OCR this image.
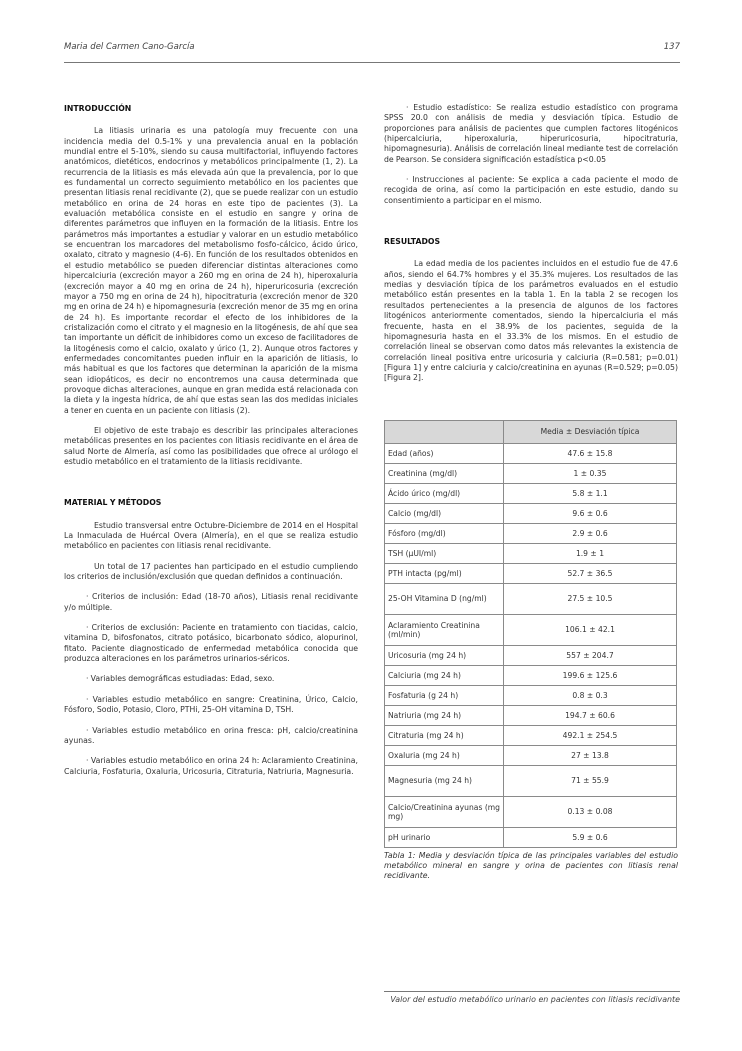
Maria del Carmen Cano-García	137
INTRODUCCIÓN

La litiasis urinaria es una patología muy frecuente con una incidencia media del 0.5-1% y una prevalencia anual en la población mundial entre el 5-10%, siendo su causa multifactorial, influyendo factores anatómicos, dietéticos, endocrinos y metabólicos principalmente (1, 2). La recurrencia de la litiasis es más elevada aún que la prevalencia, por lo que es fundamental un correcto seguimiento metabólico en los pacientes que presentan litiasis renal recidivante (2), que se puede realizar con un estudio metabólico en orina de 24 horas en este tipo de pacientes (3). La evaluación metabólica consiste en el estudio en sangre y orina de diferentes parámetros que influyen en la formación de la litiasis. Entre los parámetros más importantes a estudiar y valorar en un estudio metabólico se encuentran los marcadores del metabolismo fosfo-cálcico, ácido úrico, oxalato, citrato y magnesio (4-6). En función de los resultados obtenidos en el estudio metabólico se pueden diferenciar distintas alteraciones como hipercalciuria (excreción mayor a 260 mg en orina de 24 h), hiperoxaluria (excreción mayor a 40 mg en orina de 24 h), hiperuricosuria (excreción mayor a 750 mg en orina de 24 h), hipocitraturia (excreción menor de 320 mg en orina de 24 h) e hipomagnesuria (excreción menor de 35 mg en orina de 24 h). Es importante recordar el efecto de los inhibidores de la cristalización como el citrato y el magnesio en la litogénesis, de ahí que sea tan importante un déficit de inhibidores como un exceso de facilitadores de la litogénesis como el calcio, oxalato y úrico (1, 2). Aunque otros factores y enfermedades concomitantes pueden influir en la aparición de litiasis, lo más habitual es que los factores que determinan la aparición de la misma sean idiopáticos, es decir no encontremos una causa determinada que provoque dichas alteraciones, aunque en gran medida está relacionada con la dieta y la ingesta hídrica, de ahí que estas sean las dos medidas iniciales a tener en cuenta en un paciente con litiasis (2).

El objetivo de este trabajo es describir las principales alteraciones metabólicas presentes en los pacientes con litiasis recidivante en el área de salud Norte de Almería, así como las posibilidades que ofrece al urólogo el estudio metabólico en el tratamiento de la litiasis recidivante.

MATERIAL Y MÉTODOS

Estudio transversal entre Octubre-Diciembre de 2014 en el Hospital La Inmaculada de Huércal Overa (Almería), en el que se realiza estudio metabólico en pacientes con litiasis renal recidivante.

Un total de 17 pacientes han participado en el estudio cumpliendo los criterios de inclusión/exclusión que quedan definidos a continuación.

· Criterios de inclusión: Edad (18-70 años), Litiasis renal recidivante y/o múltiple.

· Criterios de exclusión: Paciente en tratamiento con tiacidas, calcio, vitamina D, bifosfonatos, citrato potásico, bicarbonato sódico, alopurinol, fitato. Paciente diagnosticado de enfermedad metabólica conocida que produzca alteraciones en los parámetros urinarios-séricos.

· Variables demográficas estudiadas: Edad, sexo.

· Variables estudio metabólico en sangre: Creatinina, Úrico, Calcio, Fósforo, Sodio, Potasio, Cloro, PTHi, 25-OH vitamina D, TSH.

· Variables estudio metabólico en orina fresca: pH, calcio/creatinina ayunas.

· Variables estudio metabólico en orina 24 h: Aclaramiento Creatinina, Calciuria, Fosfaturia, Oxaluria, Uricosuria, Citraturia, Natriuria, Magnesuria.

· Estudio estadístico: Se realiza estudio estadístico con programa SPSS 20.0 con análisis de media y desviación típica. Estudio de proporciones para análisis de pacientes que cumplen factores litogénicos (hipercalciuria, hiperoxaluria, hiperuricosuria, hipocitraturia, hipomagnesuria). Análisis de correlación lineal mediante test de correlación de Pearson. Se considera significación estadística p<0.05

· Instrucciones al paciente: Se explica a cada paciente el modo de recogida de orina, así como la participación en este estudio, dando su consentimiento a participar en el mismo.

RESULTADOS

La edad media de los pacientes incluidos en el estudio fue de 47.6 años, siendo el 64.7% hombres y el 35.3% mujeres. Los resultados de las medias y desviación típica de los parámetros evaluados en el estudio metabólico están presentes en la tabla 1. En la tabla 2 se recogen los resultados pertenecientes a la presencia de algunos de los factores litogénicos anteriormente comentados, siendo la hipercalciuria el más frecuente, hasta en el 38.9% de los pacientes, seguida de la hipomagnesuria hasta en el 33.3% de los mismos. En el estudio de correlación lineal se observan como datos más relevantes la existencia de correlación lineal positiva entre uricosuria y calciuria (R=0.581; p=0.01) [Figura 1] y entre calciuria y calcio/creatinina en ayunas (R=0.529; p=0.05) [Figura 2].

	Media ± Desviación típica
Edad (años)	47.6 ± 15.8
Creatinina (mg/dl)	1 ± 0.35
Ácido úrico (mg/dl)	5.8 ± 1.1
Calcio (mg/dl)	9.6 ± 0.6
Fósforo (mg/dl)	2.9 ± 0.6
TSH (µUI/ml)	1.9 ± 1
PTH intacta (pg/ml)	52.7 ± 36.5
25-OH Vitamina D (ng/ml)	27.5 ± 10.5
Aclaramiento Creatinina (ml/min)	106.1 ± 42.1
Uricosuria (mg 24 h)	557 ± 204.7
Calciuria (mg 24 h)	199.6 ± 125.6
Fosfaturia (g 24 h)	0.8 ± 0.3
Natriuria (mg 24 h)	194.7 ± 60.6
Citraturia (mg 24 h)	492.1 ± 254.5
Oxaluria (mg 24 h)	27 ± 13.8
Magnesuria (mg 24 h)	71 ± 55.9
Calcio/Creatinina ayunas (mg mg)	0.13 ± 0.08
pH urinario	5.9 ± 0.6

Tabla 1: Media y desviación típica de las principales variables del estudio metabólico mineral en sangre y orina de pacientes con litiasis renal recidivante.

Valor del estudio metabólico urinario en pacientes con litiasis recidivante
